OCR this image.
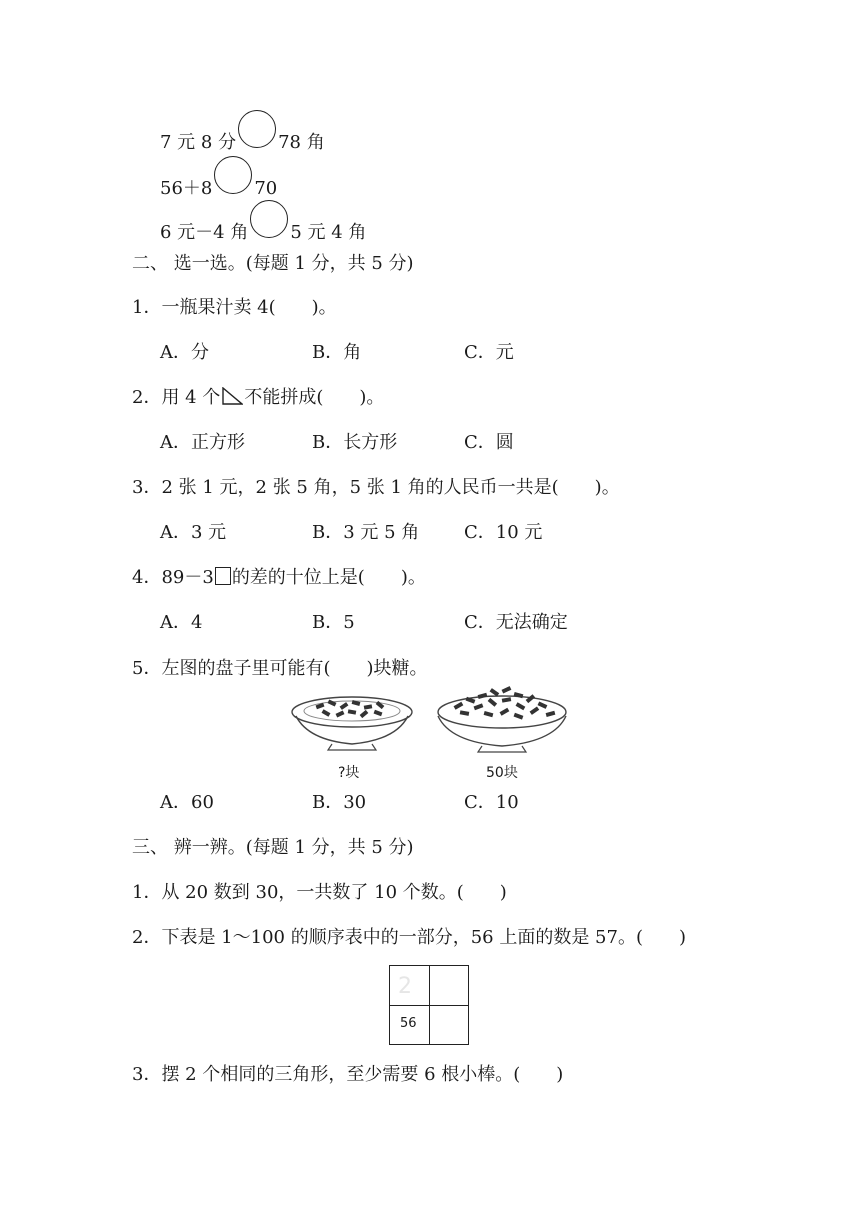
7 元 8 分 78 角
56＋8 70
6 元－4 角 5 元 4 角
二、 选一选。(每题 1 分，共 5 分)
1．一瓶果汁卖 4(　　)。
A．分	B．角	C．元
2．用 4 个 不能拼成(　　)。
A．正方形	B．长方形	C．圆
3．2 张 1 元，2 张 5 角，5 张 1 角的人民币一共是(　　)。
A．3 元	B．3 元 5 角 C．10 元
4．89－3 的差的十位上是(　　)。
A．4	B．5	C．无法确定
5．左图的盘子里可能有(　　)块糖。
?块	50块
A．60	B．30	C．10
三、 辨一辨。(每题 1 分，共 5 分)
1．从 20 数到 30，一共数了 10 个数。(　　)
2．下表是 1～100 的顺序表中的一部分，56 上面的数是 57。(　　)
2
56
3．摆 2 个相同的三角形，至少需要 6 根小棒。(　　)
